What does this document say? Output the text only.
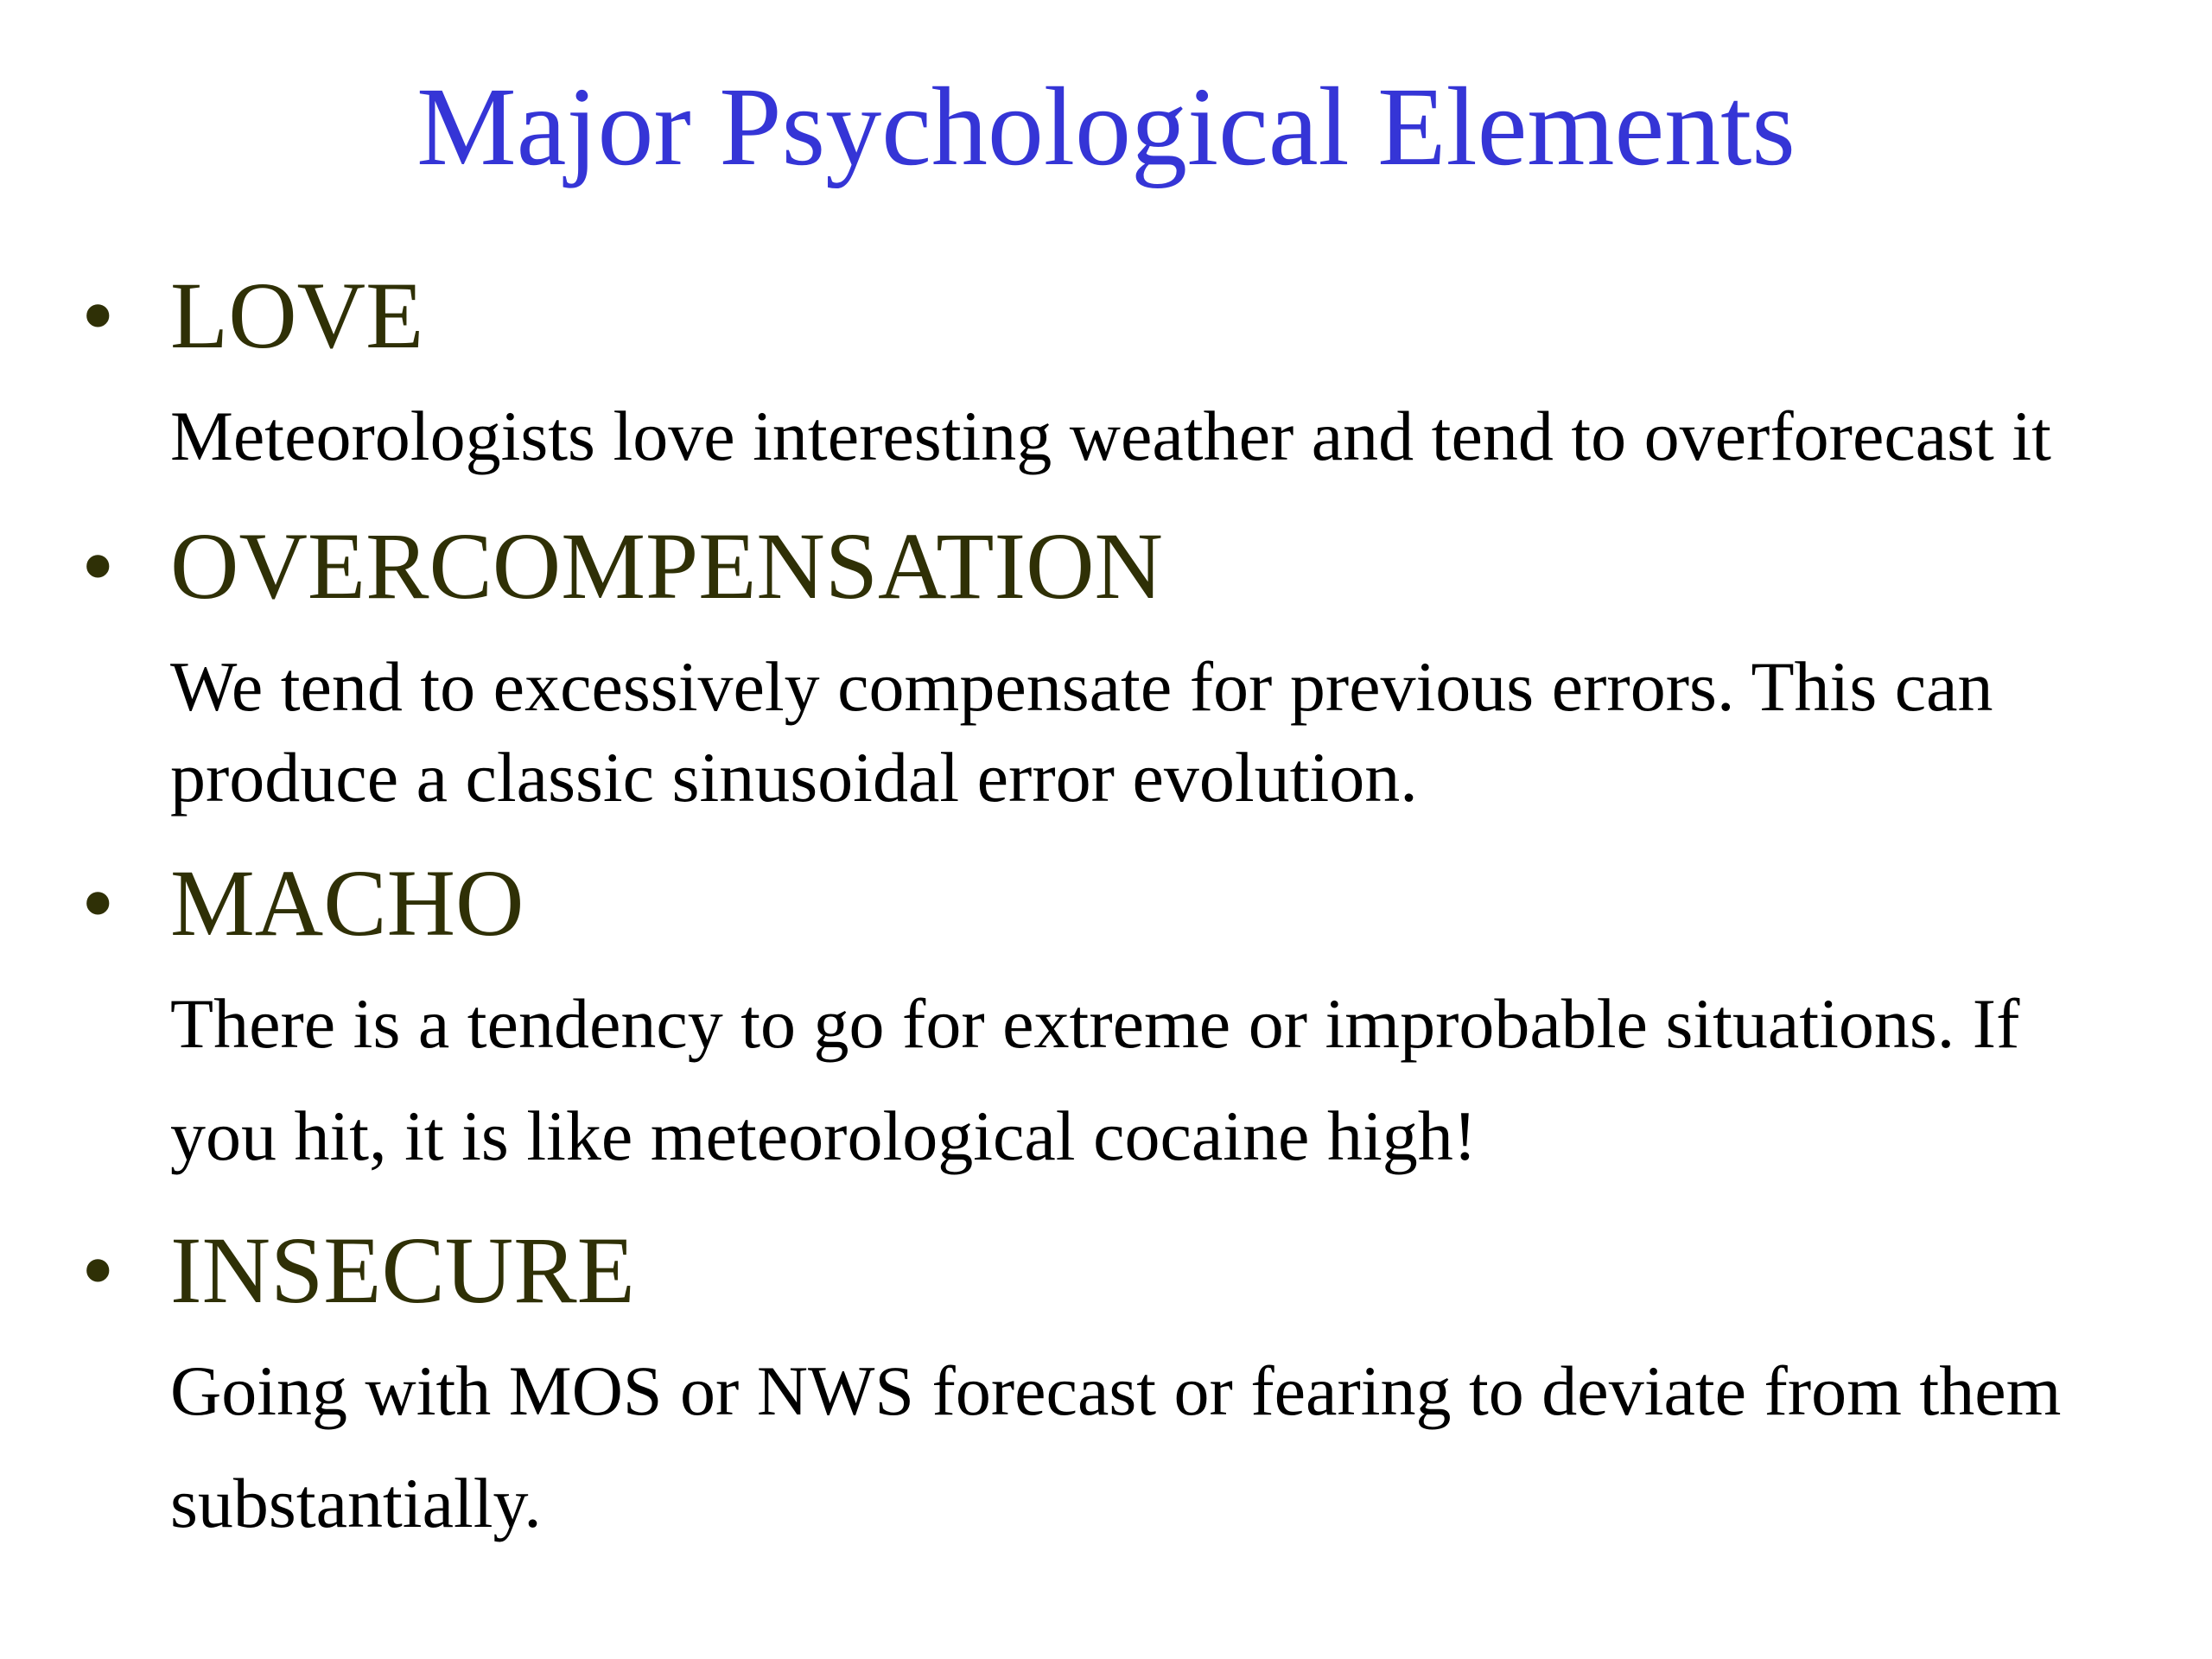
Major Psychological Elements
• LOVE
Meteorologists love interesting weather and tend to overforecast it
• OVERCOMPENSATION
We tend to excessively compensate for previous errors. This can
produce a classic sinusoidal error evolution.
• MACHO
There is a tendency to go for extreme or improbable situations. If
you hit, it is like meteorological cocaine high!
• INSECURE
Going with MOS or NWS forecast or fearing to deviate from them
substantially.
